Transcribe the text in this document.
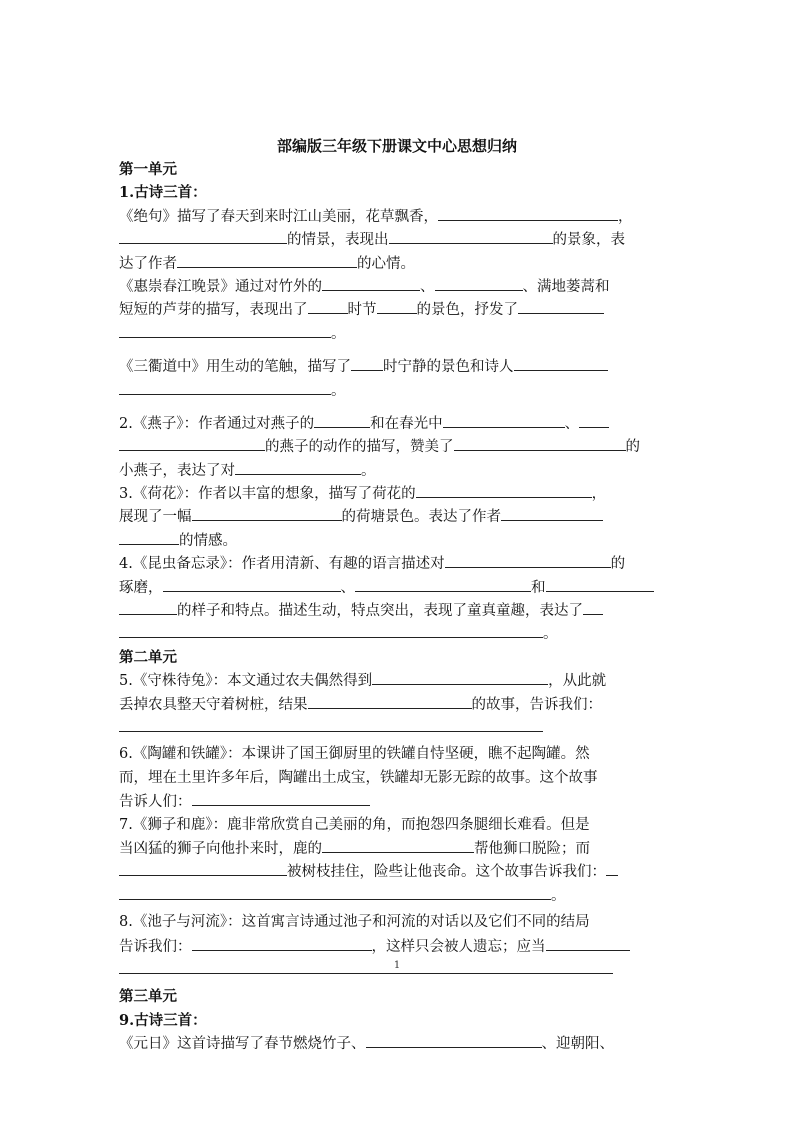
部编版三年级下册课文中心思想归纳
第一单元
1.古诗三首：
《绝句》描写了春天到来时江山美丽，花草飘香，	，
的情景，表现出	的景象，表
达了作者	的心情。
《惠崇春江晚景》通过对竹外的	、	、满地蒌蒿和
短短的芦芽的描写，表现出了	时节	的景色，抒发了
。
《三衢道中》用生动的笔触，描写了 时宁静的景色和诗人
。
2.《燕子》：作者通过对燕子的	和在春光中	、
的燕子的动作的描写，赞美了	的
小燕子，表达了对	。
3.《荷花》：作者以丰富的想象，描写了荷花的	，
展现了一幅	的荷塘景色。表达了作者
的情感。
4.《昆虫备忘录》：作者用清新、有趣的语言描述对	的
琢磨，	、	和
的样子和特点。描述生动，特点突出，表现了童真童趣，表达了
。
第二单元
5.《守株待兔》：本文通过农夫偶然得到	，从此就
丢掉农具整天守着树桩，结果	的故事，告诉我们：
6.《陶罐和铁罐》：本课讲了国王御厨里的铁罐自恃坚硬，瞧不起陶罐。然
而，埋在土里许多年后，陶罐出土成宝，铁罐却无影无踪的故事。这个故事
告诉人们：
7.《狮子和鹿》：鹿非常欣赏自己美丽的角，而抱怨四条腿细长难看。但是
当凶猛的狮子向他扑来时，鹿的	帮他狮口脱险；而
被树枝挂住，险些让他丧命。这个故事告诉我们：
。
8.《池子与河流》：这首寓言诗通过池子和河流的对话以及它们不同的结局
告诉我们：	，这样只会被人遗忘；应当
第三单元
9.古诗三首：
《元日》这首诗描写了春节燃烧竹子、	、迎朝阳、
1
